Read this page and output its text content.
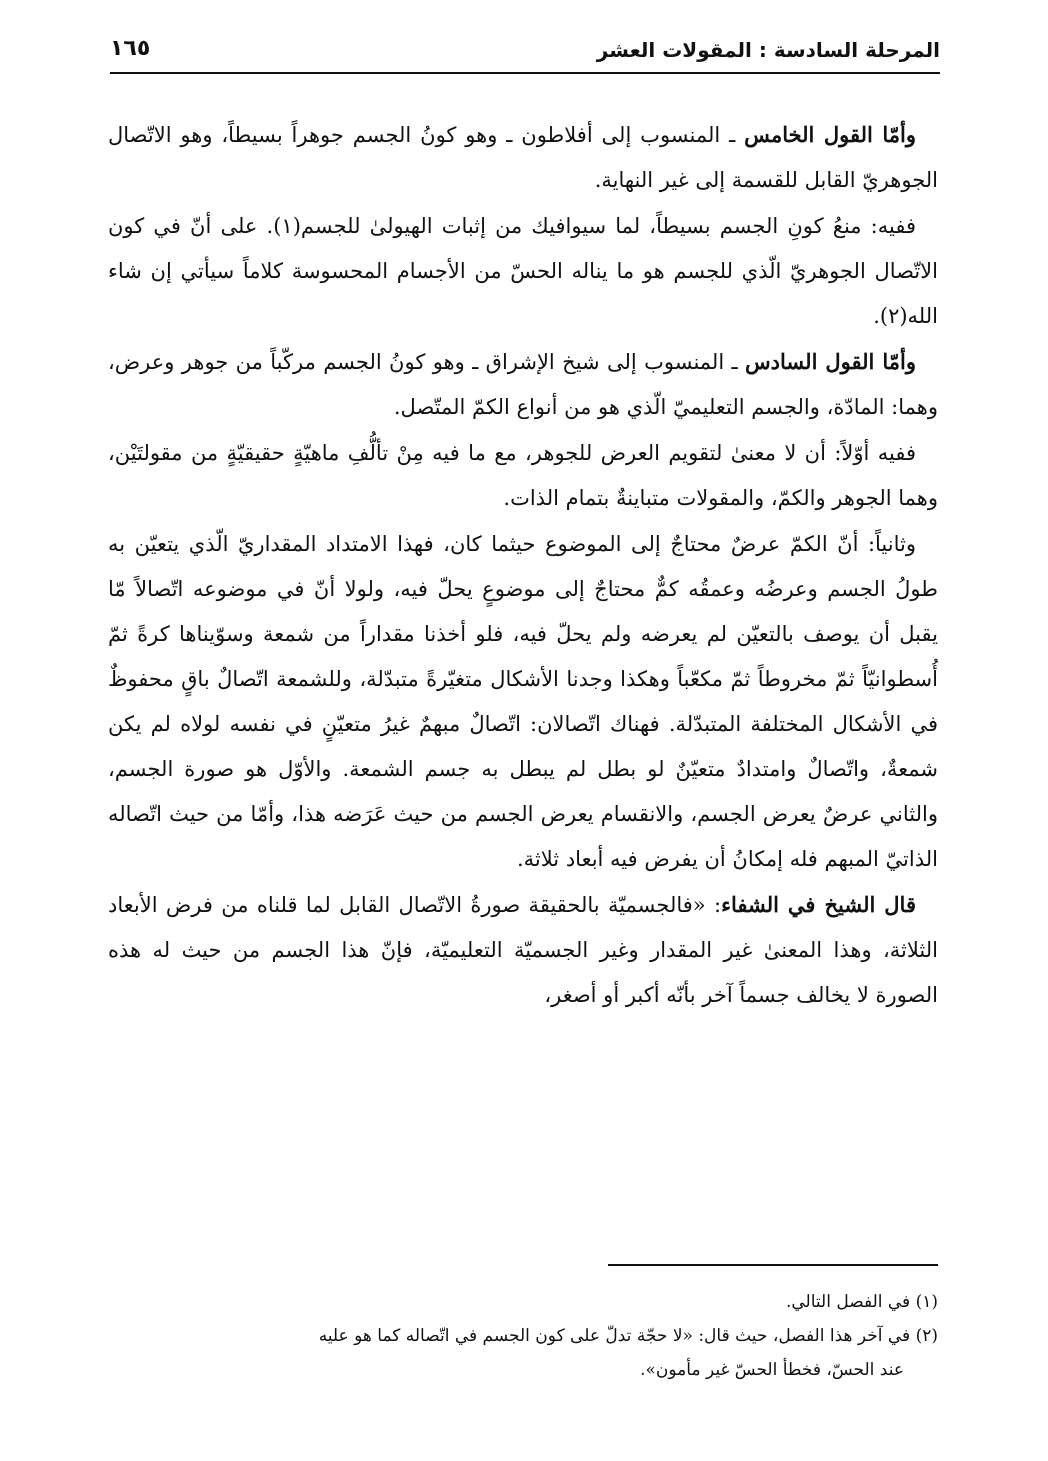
المرحلة السادسة : المقولات العشر
١٦٥

وأمّا القول الخامس ـ المنسوب إلى أفلاطون ـ وهو كونُ الجسم جوهراً بسيطاً، وهو الاتّصال الجوهريّ القابل للقسمة إلى غير النهاية.

ففيه: منعُ كونِ الجسم بسيطاً، لما سيوافيك من إثبات الهيولىٰ للجسم(١). على أنّ في كون الاتّصال الجوهريّ الّذي للجسم هو ما يناله الحسّ من الأجسام المحسوسة كلاماً سيأتي إن شاء الله(٢).

وأمّا القول السادس ـ المنسوب إلى شيخ الإشراق ـ وهو كونُ الجسم مركّباً من جوهر وعرض، وهما: المادّة، والجسم التعليميّ الّذي هو من أنواع الكمّ المتّصل.

ففيه أوّلاً: أن لا معنىٰ لتقويم العرض للجوهر، مع ما فيه مِنْ تألُّفِ ماهيّةٍ حقيقيّةٍ من مقولتَيْن، وهما الجوهر والكمّ، والمقولات متباينةٌ بتمام الذات.

وثانياً: أنّ الكمّ عرضٌ محتاجٌ إلى الموضوع حيثما كان، فهذا الامتداد المقداريّ الّذي يتعيّن به طولُ الجسم وعرضُه وعمقُه كمٌّ محتاجٌ إلى موضوعٍ يحلّ فيه، ولولا أنّ في موضوعه اتّصالاً مّا يقبل أن يوصف بالتعيّن لم يعرضه ولم يحلّ فيه، فلو أخذنا مقداراً من شمعة وسوّيناها كرةً ثمّ أُسطوانيّاً ثمّ مخروطاً ثمّ مكعّباً وهكذا وجدنا الأشكال متغيّرةً متبدّلة، وللشمعة اتّصالٌ باقٍ محفوظٌ في الأشكال المختلفة المتبدّلة. فهناك اتّصالان: اتّصالٌ مبهمٌ غيرُ متعيّنٍ في نفسه لولاه لم يكن شمعةٌ، واتّصالٌ وامتدادٌ متعيّنٌ لو بطل لم يبطل به جسم الشمعة. والأوّل هو صورة الجسم، والثاني عرضٌ يعرض الجسم، والانقسام يعرض الجسم من حيث عَرَضه هذا، وأمّا من حيث اتّصاله الذاتيّ المبهم فله إمكانُ أن يفرض فيه أبعاد ثلاثة.

قال الشيخ في الشفاء: «فالجسميّة بالحقيقة صورةُ الاتّصال القابل لما قلناه من فرض الأبعاد الثلاثة، وهذا المعنىٰ غير المقدار وغير الجسميّة التعليميّة، فإنّ هذا الجسم من حيث له هذه الصورة لا يخالف جسماً آخر بأنّه أكبر أو أصغر،

(١) في الفصل التالي.

(٢) في آخر هذا الفصل، حيث قال: «لا حجّة تدلّ على كون الجسم في اتّصاله كما هو عليه

عند الحسّ، فخطأ الحسّ غير مأمون».
